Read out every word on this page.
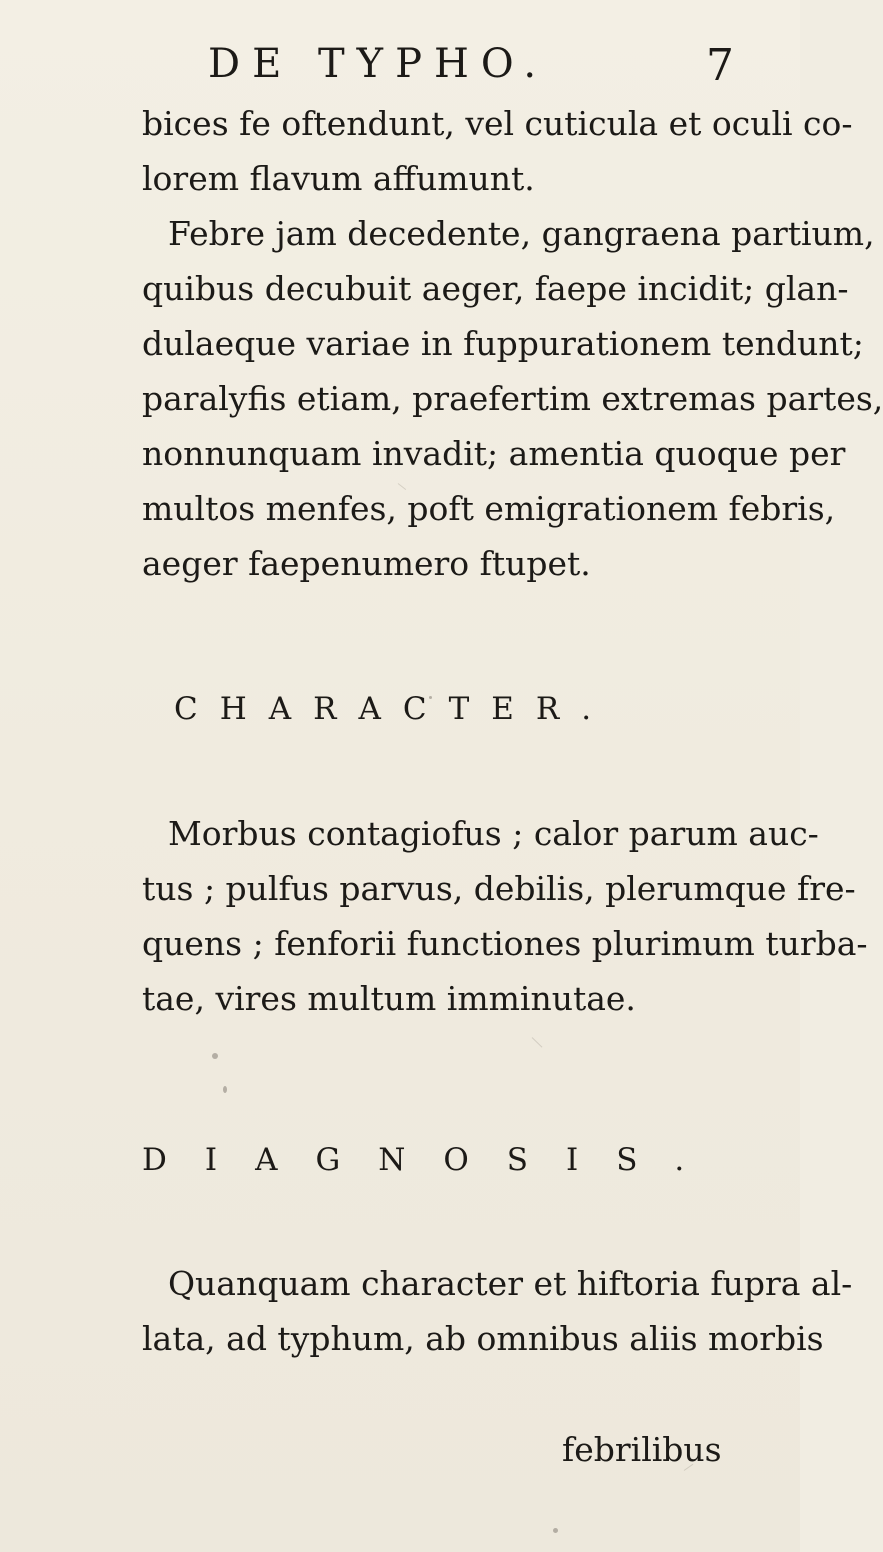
DE TYPHO.	7
bices fe oftendunt, vel cuticula et oculi co-
lorem flavum affumunt.
Febre jam decedente, gangraena partium,
quibus decubuit aeger, faepe incidit; glan-
dulaeque variae in fuppurationem tendunt;
paralyfis etiam, praefertim extremas partes,
nonnunquam invadit; amentia quoque per
multos menfes, poft emigrationem febris,
aeger faepenumero ftupet.
CHARACTER.
Morbus contagiofus ; calor parum auc-
tus ; pulfus parvus, debilis, plerumque fre-
quens ; fenforii functiones plurimum turba-
tae, vires multum imminutae.
DIAGNOSIS.
Quanquam character et hiftoria fupra al-
lata, ad typhum, ab omnibus aliis morbis
febrilibus
